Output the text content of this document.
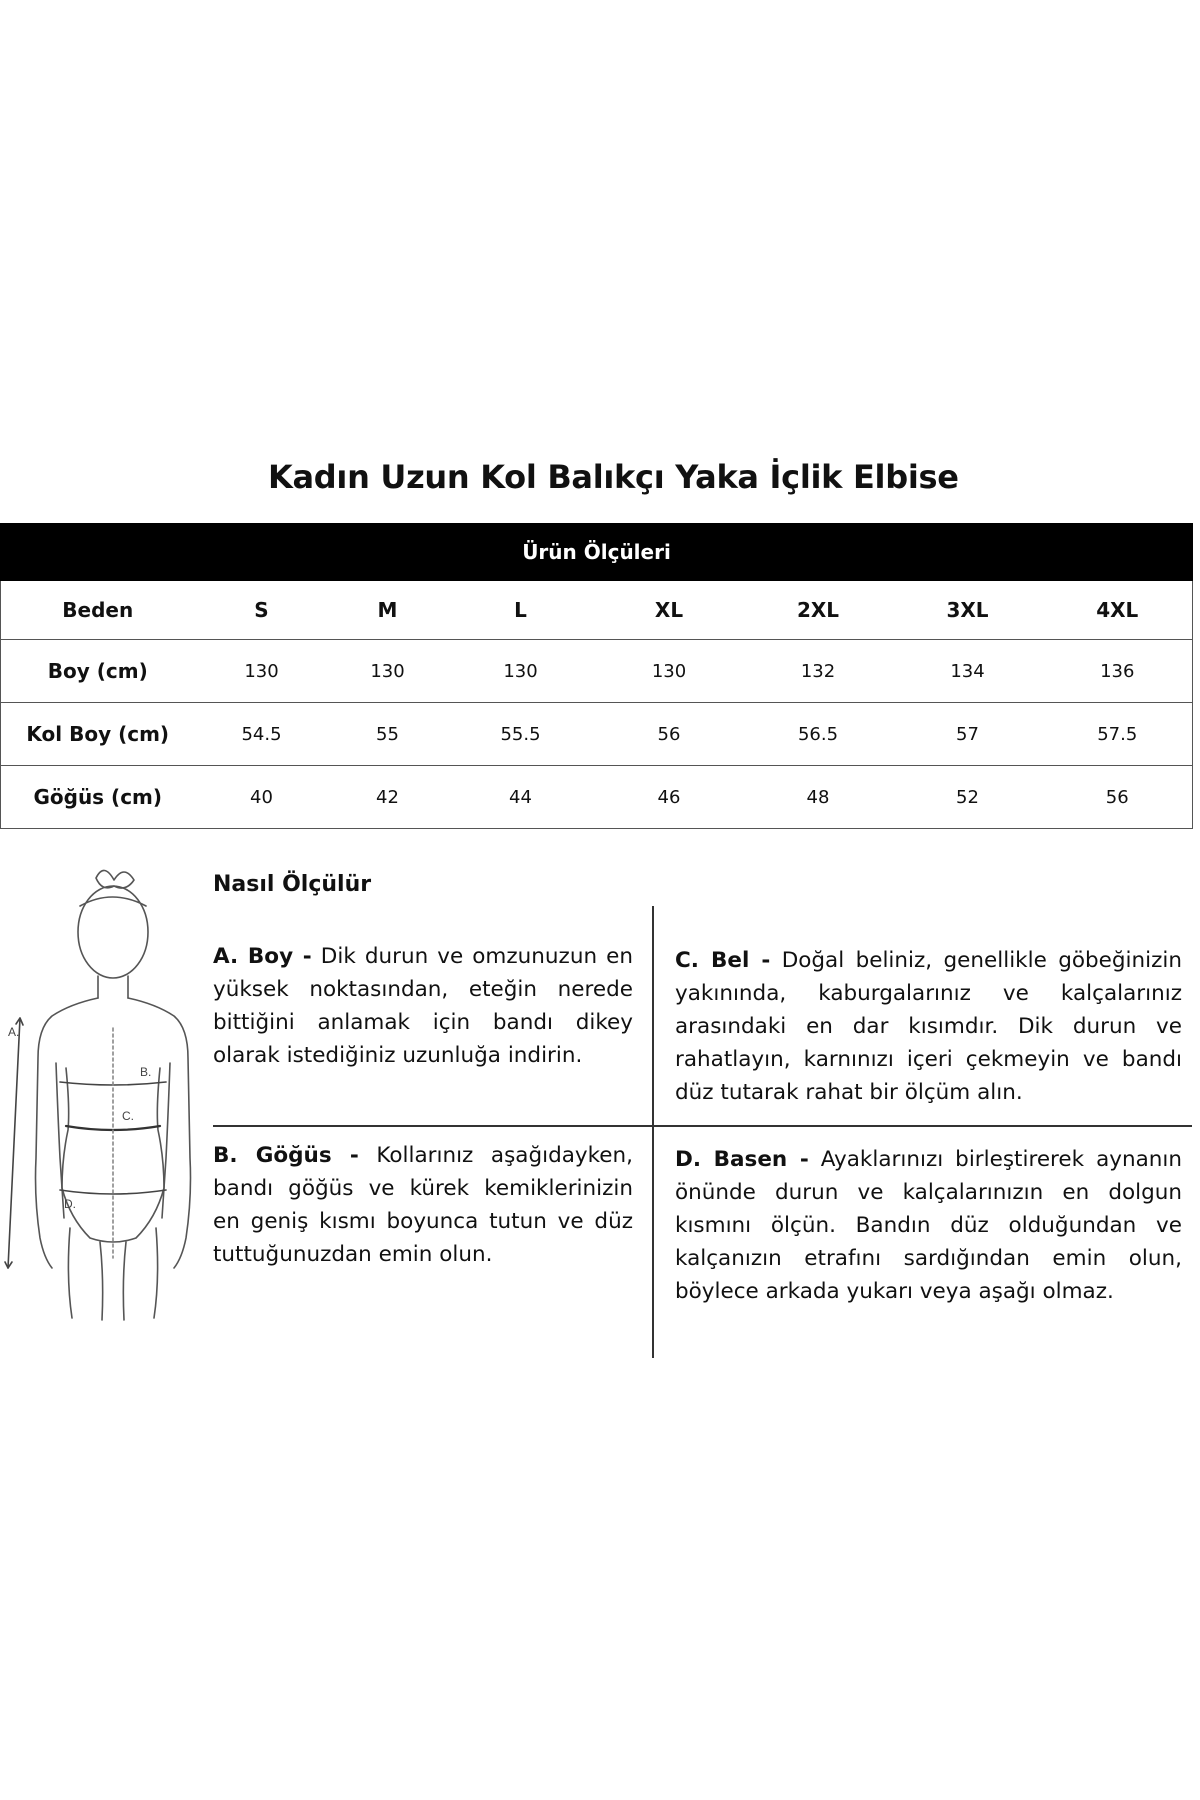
Kadın Uzun Kol Balıkçı Yaka İçlik Elbise
Ürün Ölçüleri							
Beden	S	M	L	XL	2XL	3XL	4XL
Boy (cm)	130	130	130	130	132	134	136
Kol Boy (cm)	54.5	55	55.5	56	56.5	57	57.5
Göğüs (cm)	40	42	44	46	48	52	56
A.
B.
C.
D.
Nasıl Ölçülür
A. Boy - Dik durun ve omzunuzun en yüksek noktasından, eteğin nerede bittiğini anlamak için bandı dikey olarak istediğiniz uzunluğa indirin.
B. Göğüs - Kollarınız aşağıdayken, bandı göğüs ve kürek kemiklerinizin en geniş kısmı boyunca tutun ve düz tuttuğunuzdan emin olun.
C. Bel - Doğal beliniz, genellikle göbeğinizin yakınında, kaburgalarınız ve kalçalarınız arasındaki en dar kısımdır. Dik durun ve rahatlayın, karnınızı içeri çekmeyin ve bandı düz tutarak rahat bir ölçüm alın.
D. Basen - Ayaklarınızı birleştirerek aynanın önünde durun ve kalçalarınızın en dolgun kısmını ölçün. Bandın düz olduğundan ve kalçanızın etrafını sardığından emin olun, böylece arkada yukarı veya aşağı olmaz.
